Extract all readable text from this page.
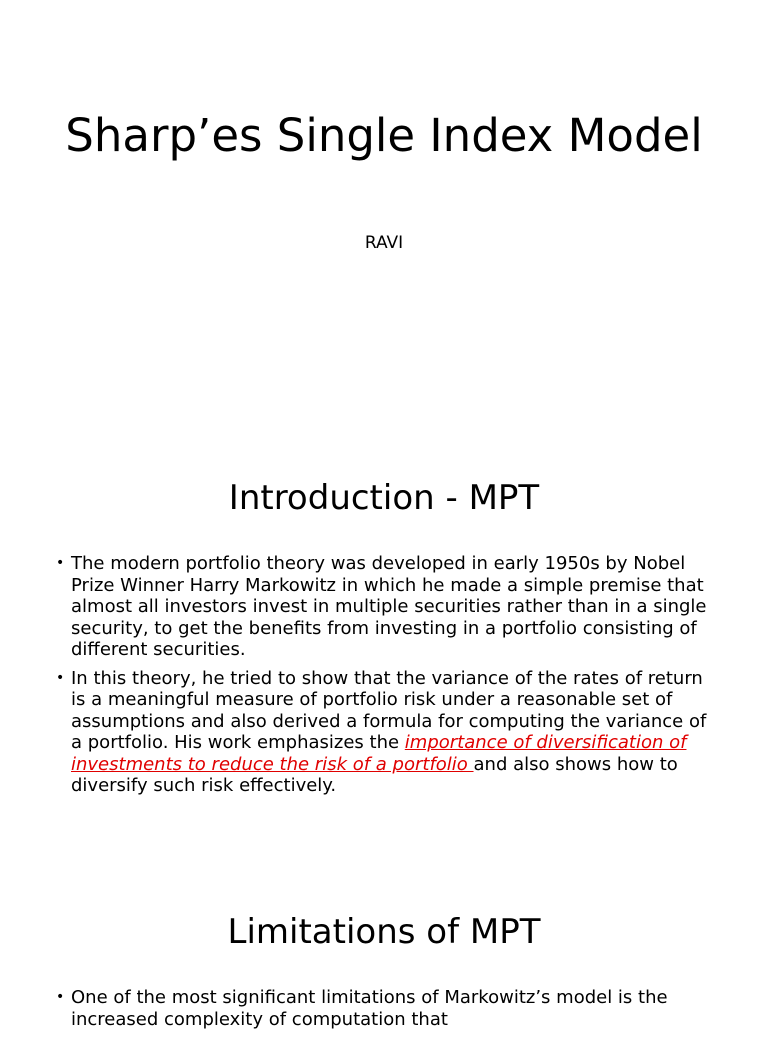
Sharp’es Single Index Model

RAVI

Introduction - MPT
• The modern portfolio theory was developed in early 1950s by Nobel Prize Winner Harry Markowitz in which he made a simple premise that almost all investors invest in multiple securities rather than in a single security, to get the benefits from investing in a portfolio consisting of different securities.
• In this theory, he tried to show that the variance of the rates of return is a meaningful measure of portfolio risk under a reasonable set of assumptions and also derived a formula for computing the variance of a portfolio. His work emphasizes the importance of diversification of investments to reduce the risk of a portfolio and also shows how to diversify such risk effectively.
Limitations of MPT
• One of the most significant limitations of Markowitz’s model is the increased complexity of computation that
